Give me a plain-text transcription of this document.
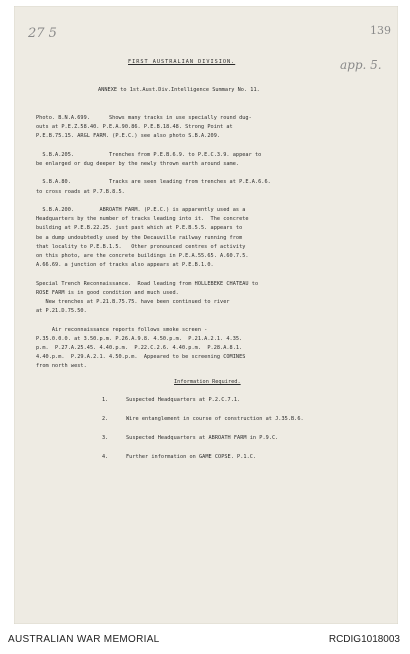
27 5	139
app. 5.
FIRST AUSTRALIAN DIVISION.
ANNEXE to 1st.Aust.Div.Intelligence Summary No. 11.
Photo. B.N.A.699.      Shows many tracks in use specially round dug-
outs at P.E.Z.58.40. P.E.A.90.86. P.E.B.18.48. Strong Point at
P.E.B.75.15. ARGL FARM. (P.E.C.) see also photo S.B.A.209.
S.B.A.205.           Trenches from P.E.B.6.9. to P.E.C.3.9. appear to
be enlarged or dug deeper by the newly thrown earth around same.
S.B.A.80.            Tracks are seen leading from trenches at P.E.A.6.6.
to cross roads at P.7.B.8.5.
S.B.A.200.        ABROATH FARM. (P.E.C.) is apparently used as a
Headquarters by the number of tracks leading into it.  The concrete
building at P.E.B.22.25. just past which at P.E.B.5.5. appears to
be a dump undoubtedly used by the Decauville railway running from
that locality to P.E.B.1.5.   Other pronounced centres of activity
on this photo, are the concrete buildings in P.E.A.55.65. A.60.7.5.
A.66.69. a junction of tracks also appears at P.E.B.1.0.
Special Trench Reconnaissance.  Road leading from HOLLEBEKE CHATEAU to
ROSE FARM is in good condition and much used.
New trenches at P.21.B.75.75. have been continued to river
at P.21.D.75.50.
Air reconnaissance reports follows smoke screen -
P.35.0.0.0. at 3.50.p.m. P.26.A.9.8. 4.50.p.m.  P.21.A.2.1. 4.35.
p.m.  P.27.A.25.45. 4.40.p.m.  P.22.C.2.6. 4.40.p.m.  P.28.A.8.1.
4.40.p.m.  P.29.A.2.1. 4.50.p.m.  Appeared to be screening COMINES
from north west.
Information Required.
1.	Suspected Headquarters at P.2.C.7.1.
2.	Wire entanglement in course of construction at J.35.B.6.
3.	Suspected Headquarters at ABROATH FARM in P.9.C.
4.	Further information on GAME COPSE. P.1.C.
AUSTRALIAN WAR MEMORIAL	RCDIG1018003
